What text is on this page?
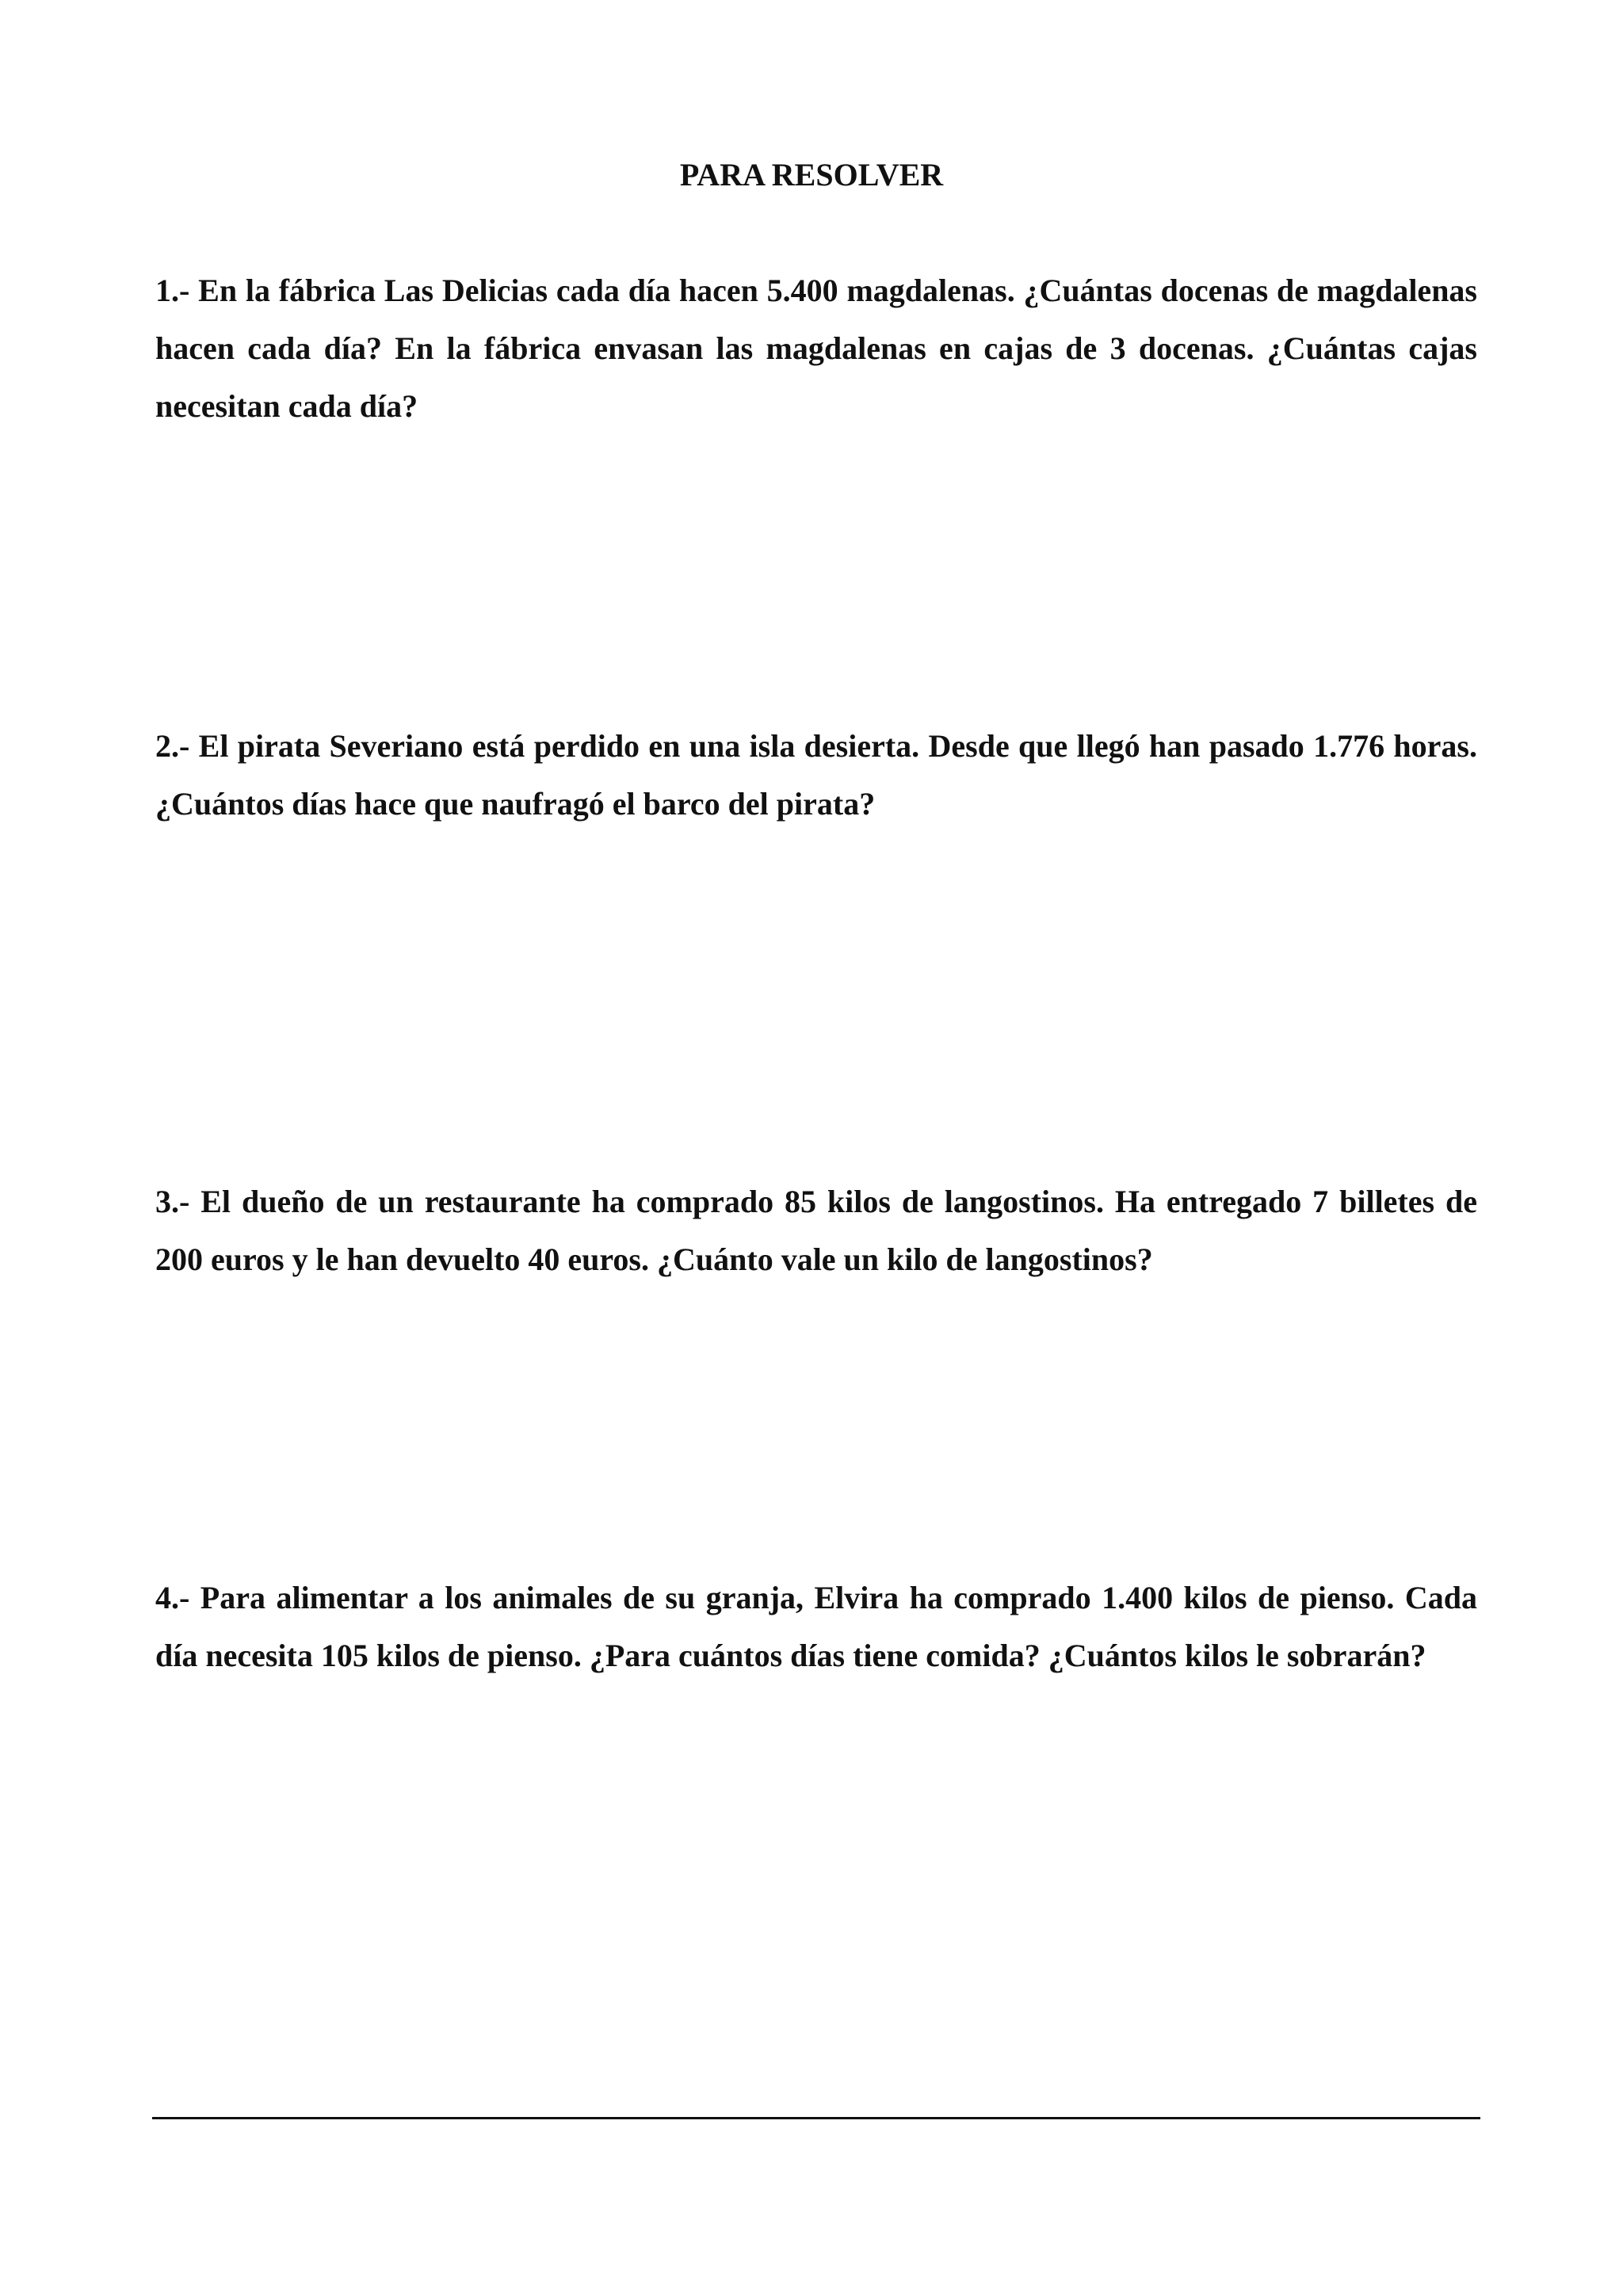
PARA RESOLVER

1.- En la fábrica Las Delicias cada día hacen 5.400 magdalenas. ¿Cuántas docenas de magdalenas hacen cada día? En la fábrica envasan las magdalenas en cajas de 3 docenas. ¿Cuántas cajas necesitan cada día?

2.- El pirata Severiano está perdido en una isla desierta. Desde que llegó han pasado 1.776 horas. ¿Cuántos días hace que naufragó el barco del pirata?

3.- El dueño de un restaurante ha comprado 85 kilos de langostinos. Ha entregado 7 billetes de 200 euros y le han devuelto 40 euros. ¿Cuánto vale un kilo de langostinos?

4.- Para alimentar a los animales de su granja, Elvira ha comprado 1.400 kilos de pienso. Cada día necesita 105 kilos de pienso. ¿Para cuántos días tiene comida? ¿Cuántos kilos le sobrarán?
